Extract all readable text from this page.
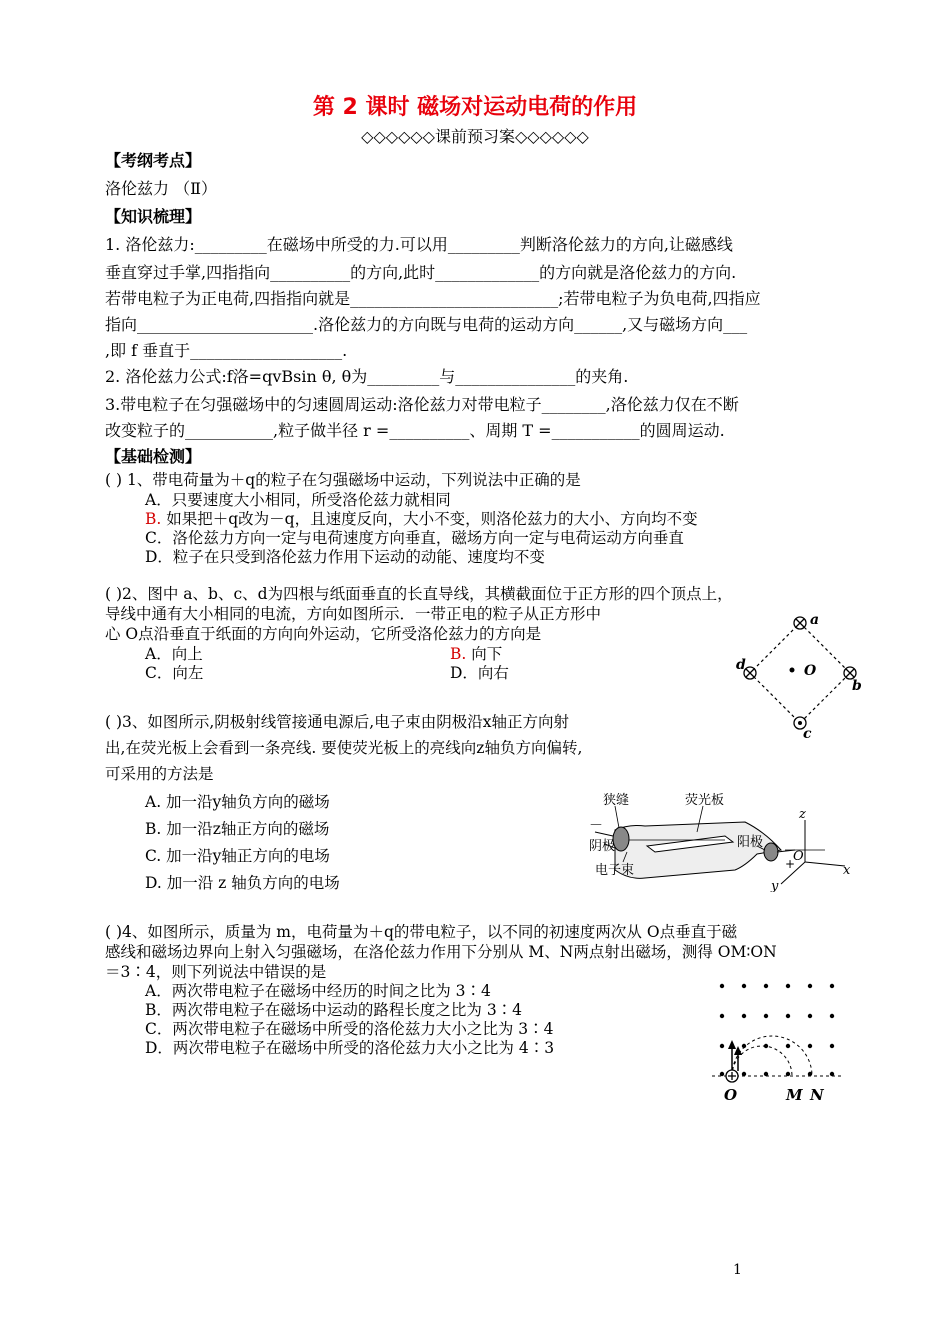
第 2 课时 磁场对运动电荷的作用
◇◇◇◇◇◇课前预习案◇◇◇◇◇◇
【考纲考点】
洛伦兹力 （Ⅱ）
【知识梳理】
1. 洛伦兹力:_________在磁场中所受的力.可以用_________判断洛伦兹力的方向,让磁感线
垂直穿过手掌,四指指向__________的方向,此时_____________的方向就是洛伦兹力的方向.
若带电粒子为正电荷,四指指向就是__________________________;若带电粒子为负电荷,四指应
指向______________________.洛伦兹力的方向既与电荷的运动方向______,又与磁场方向___
,即 f 垂直于___________________.
2. 洛伦兹力公式:f洛=qvBsin θ, θ为_________与_______________的夹角.
3.带电粒子在匀强磁场中的匀速圆周运动:洛伦兹力对带电粒子________,洛伦兹力仅在不断
改变粒子的___________,粒子做半径 r =__________、周期 T =___________的圆周运动.
【基础检测】
( ) 1、带电荷量为＋q的粒子在匀强磁场中运动，下列说法中正确的是
A．只要速度大小相同，所受洛伦兹力就相同
B. 如果把＋q改为－q，且速度反向，大小不变，则洛伦兹力的大小、方向均不变
C．洛伦兹力方向一定与电荷速度方向垂直，磁场方向一定与电荷运动方向垂直
D．粒子在只受到洛伦兹力作用下运动的动能、速度均不变
( )2、图中 a、b、c、d为四根与纸面垂直的长直导线，其横截面位于正方形的四个顶点上，
导线中通有大小相同的电流，方向如图所示．一带正电的粒子从正方形中
心 O点沿垂直于纸面的方向向外运动，它所受洛伦兹力的方向是
A．向上	B. 向下
C．向左	D．向右
a
b
c
d	O
( )3、如图所示,阴极射线管接通电源后,电子束由阴极沿x轴正方向射
出,在荧光板上会看到一条亮线. 要使荧光板上的亮线向z轴负方向偏转,
可采用的方法是
A. 加一沿y轴负方向的磁场
B. 加一沿z轴正方向的磁场
C. 加一沿y轴正方向的电场
D. 加一沿 z 轴负方向的电场
狭缝	荧光板
阴极	阳极
电子束
－
+
z
x
y
O
( )4、如图所示，质量为 m，电荷量为＋q的带电粒子，以不同的初速度两次从 O点垂直于磁
感线和磁场边界向上射入匀强磁场，在洛伦兹力作用下分别从 M、N两点射出磁场，测得 OM∶ON
＝3∶4，则下列说法中错误的是
A．两次带电粒子在磁场中经历的时间之比为 3∶4
B．两次带电粒子在磁场中运动的路程长度之比为 3∶4
C．两次带电粒子在磁场中所受的洛伦兹力大小之比为 3∶4
D．两次带电粒子在磁场中所受的洛伦兹力大小之比为 4∶3
O	M N
1
